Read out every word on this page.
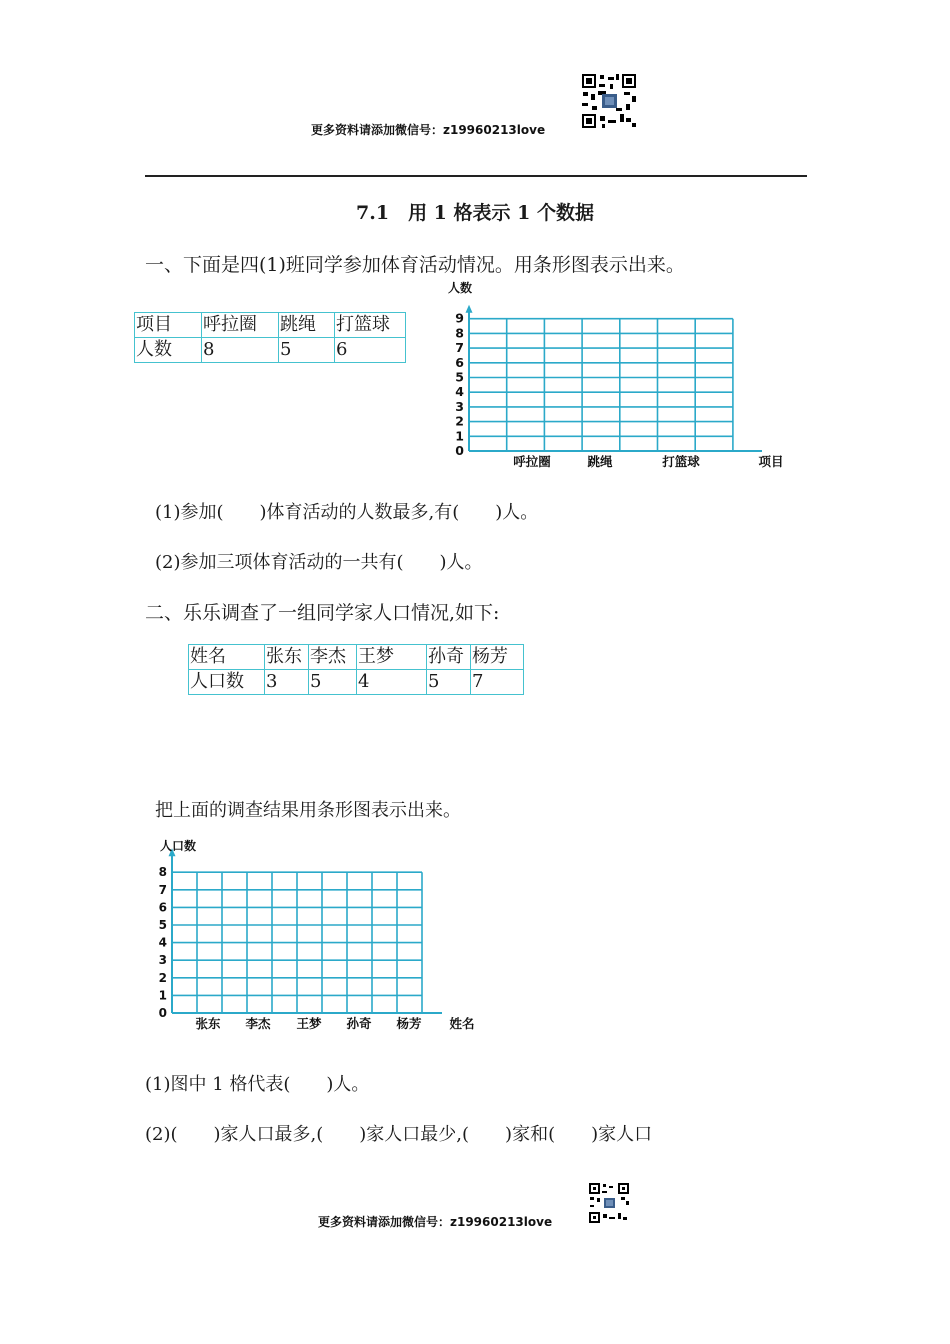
更多资料请添加微信号：z19960213love
7.1　用 1 格表示 1 个数据
一、下面是四(1)班同学参加体育活动情况。用条形图表示出来。
项目	呼拉圈	跳绳	打篮球
人数	8	5	6
0
1
2
3
4
5
6
7
8
9
人数
呼拉圈	跳绳	打篮球	项目
(1)参加(　　)体育活动的人数最多,有(　　)人。
(2)参加三项体育活动的一共有(　　)人。
二、乐乐调查了一组同学家人口情况,如下:
姓名	张东	李杰	王梦	孙奇	杨芳
人口数	3	5	4	5	7
把上面的调查结果用条形图表示出来。
0
1
2
3
4
5
6
7
8
人口数
张东 李杰 王梦 孙奇 杨芳 姓名
(1)图中 1 格代表(　　)人。
(2)(　　)家人口最多,(　　)家人口最少,(　　)家和(　　)家人口
更多资料请添加微信号：z19960213love
